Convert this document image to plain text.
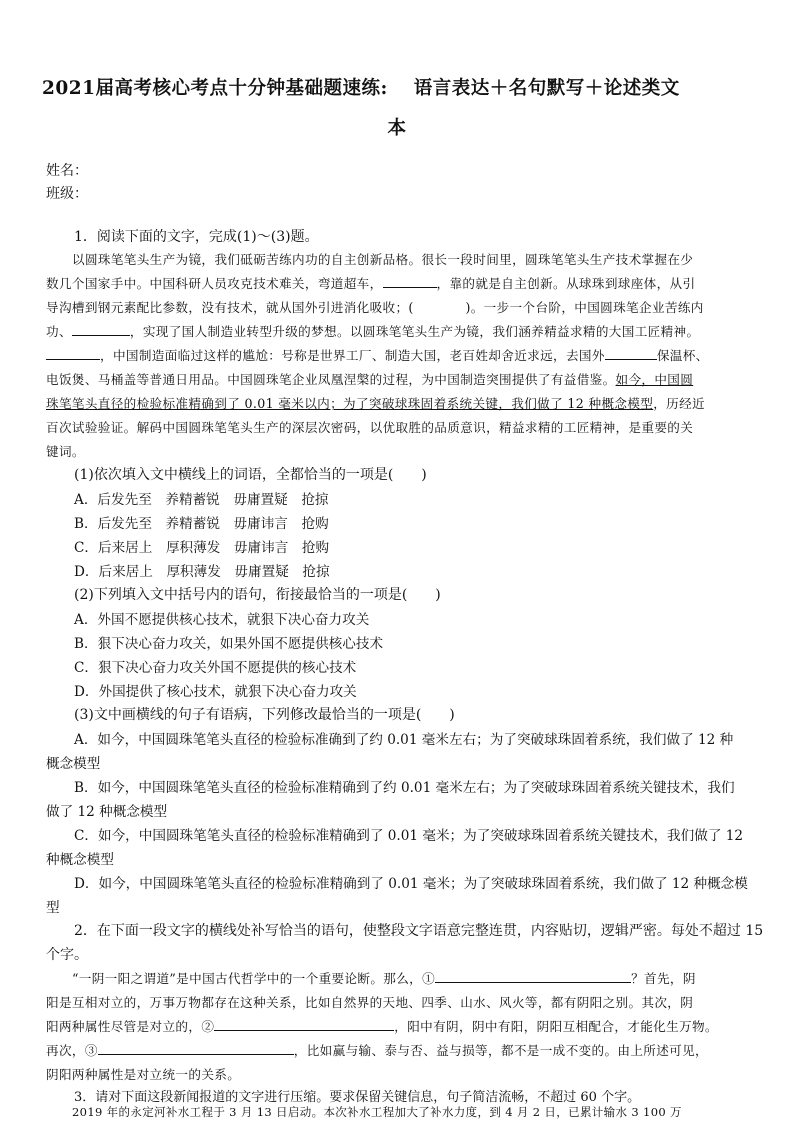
2021届高考核心考点十分钟基础题速练:　 语言表达＋名句默写＋论述类文
本
姓名：
班级：
1．阅读下面的文字，完成(1)～(3)题。
以圆珠笔笔头生产为镜，我们砥砺苦练内功的自主创新品格。很长一段时间里，圆珠笔笔头生产技术掌握在少
数几个国家手中。中国科研人员攻克技术难关，弯道超车，	，靠的就是自主创新。从球珠到球座体，从引
导沟槽到钢元素配比参数，没有技术，就从国外引进消化吸收；(　　　　)。一步一个台阶，中国圆珠笔企业苦练内
功、	，实现了国人制造业转型升级的梦想。以圆珠笔笔头生产为镜，我们涵养精益求精的大国工匠精神。
，中国制造面临过这样的尴尬：号称是世界工厂、制造大国，老百姓却舍近求远，去国外	保温杯、
电饭煲、马桶盖等普通日用品。中国圆珠笔企业凤凰涅槃的过程，为中国制造突围提供了有益借鉴。如今，中国圆
珠笔笔头直径的检验标准精确到了 0.01 毫米以内；为了突破球珠固着系统关键，我们做了 12 种概念模型，历经近
百次试验验证。解码中国圆珠笔笔头生产的深层次密码，以优取胜的品质意识，精益求精的工匠精神，是重要的关
键词。
(1)依次填入文中横线上的词语，全都恰当的一项是(　　)
A．后发先至　养精蓄锐　毋庸置疑　抢掠
B．后发先至　养精蓄锐　毋庸讳言　抢购
C．后来居上　厚积薄发　毋庸讳言　抢购
D．后来居上　厚积薄发　毋庸置疑　抢掠
(2)下列填入文中括号内的语句，衔接最恰当的一项是(　　)
A．外国不愿提供核心技术，就狠下决心奋力攻关
B．狠下决心奋力攻关，如果外国不愿提供核心技术
C．狠下决心奋力攻关外国不愿提供的核心技术
D．外国提供了核心技术，就狠下决心奋力攻关
(3)文中画横线的句子有语病，下列修改最恰当的一项是(　　)
A．如今，中国圆珠笔笔头直径的检验标准确到了约 0.01 毫米左右；为了突破球珠固着系统，我们做了 12 种
概念模型
B．如今，中国圆珠笔笔头直径的检验标准精确到了约 0.01 毫米左右；为了突破球珠固着系统关键技术，我们
做了 12 种概念模型
C．如今，中国圆珠笔笔头直径的检验标准精确到了 0.01 毫米；为了突破球珠固着系统关键技术，我们做了 12
种概念模型
D．如今，中国圆珠笔笔头直径的检验标准精确到了 0.01 毫米；为了突破球珠固着系统，我们做了 12 种概念模
型
2．在下面一段文字的横线处补写恰当的语句，使整段文字语意完整连贯，内容贴切，逻辑严密。每处不超过 15
个字。
“一阴一阳之谓道”是中国古代哲学中的一个重要论断。那么，①	？首先，阴
阳是互相对立的，万事万物都存在这种关系，比如自然界的天地、四季、山水、风火等，都有阴阳之别。其次，阴
阳两种属性尽管是对立的，②	，阳中有阴，阴中有阳，阴阳互相配合，才能化生万物。
再次，③	，比如赢与输、泰与否、益与损等，都不是一成不变的。由上所述可见，
阴阳两种属性是对立统一的关系。
3．请对下面这段新闻报道的文字进行压缩。要求保留关键信息，句子简洁流畅，不超过 60 个字。
2019 年的永定河补水工程于 3 月 13 日启动。本次补水工程加大了补水力度，到 4 月 2 日，已累计输水 3 100 万
